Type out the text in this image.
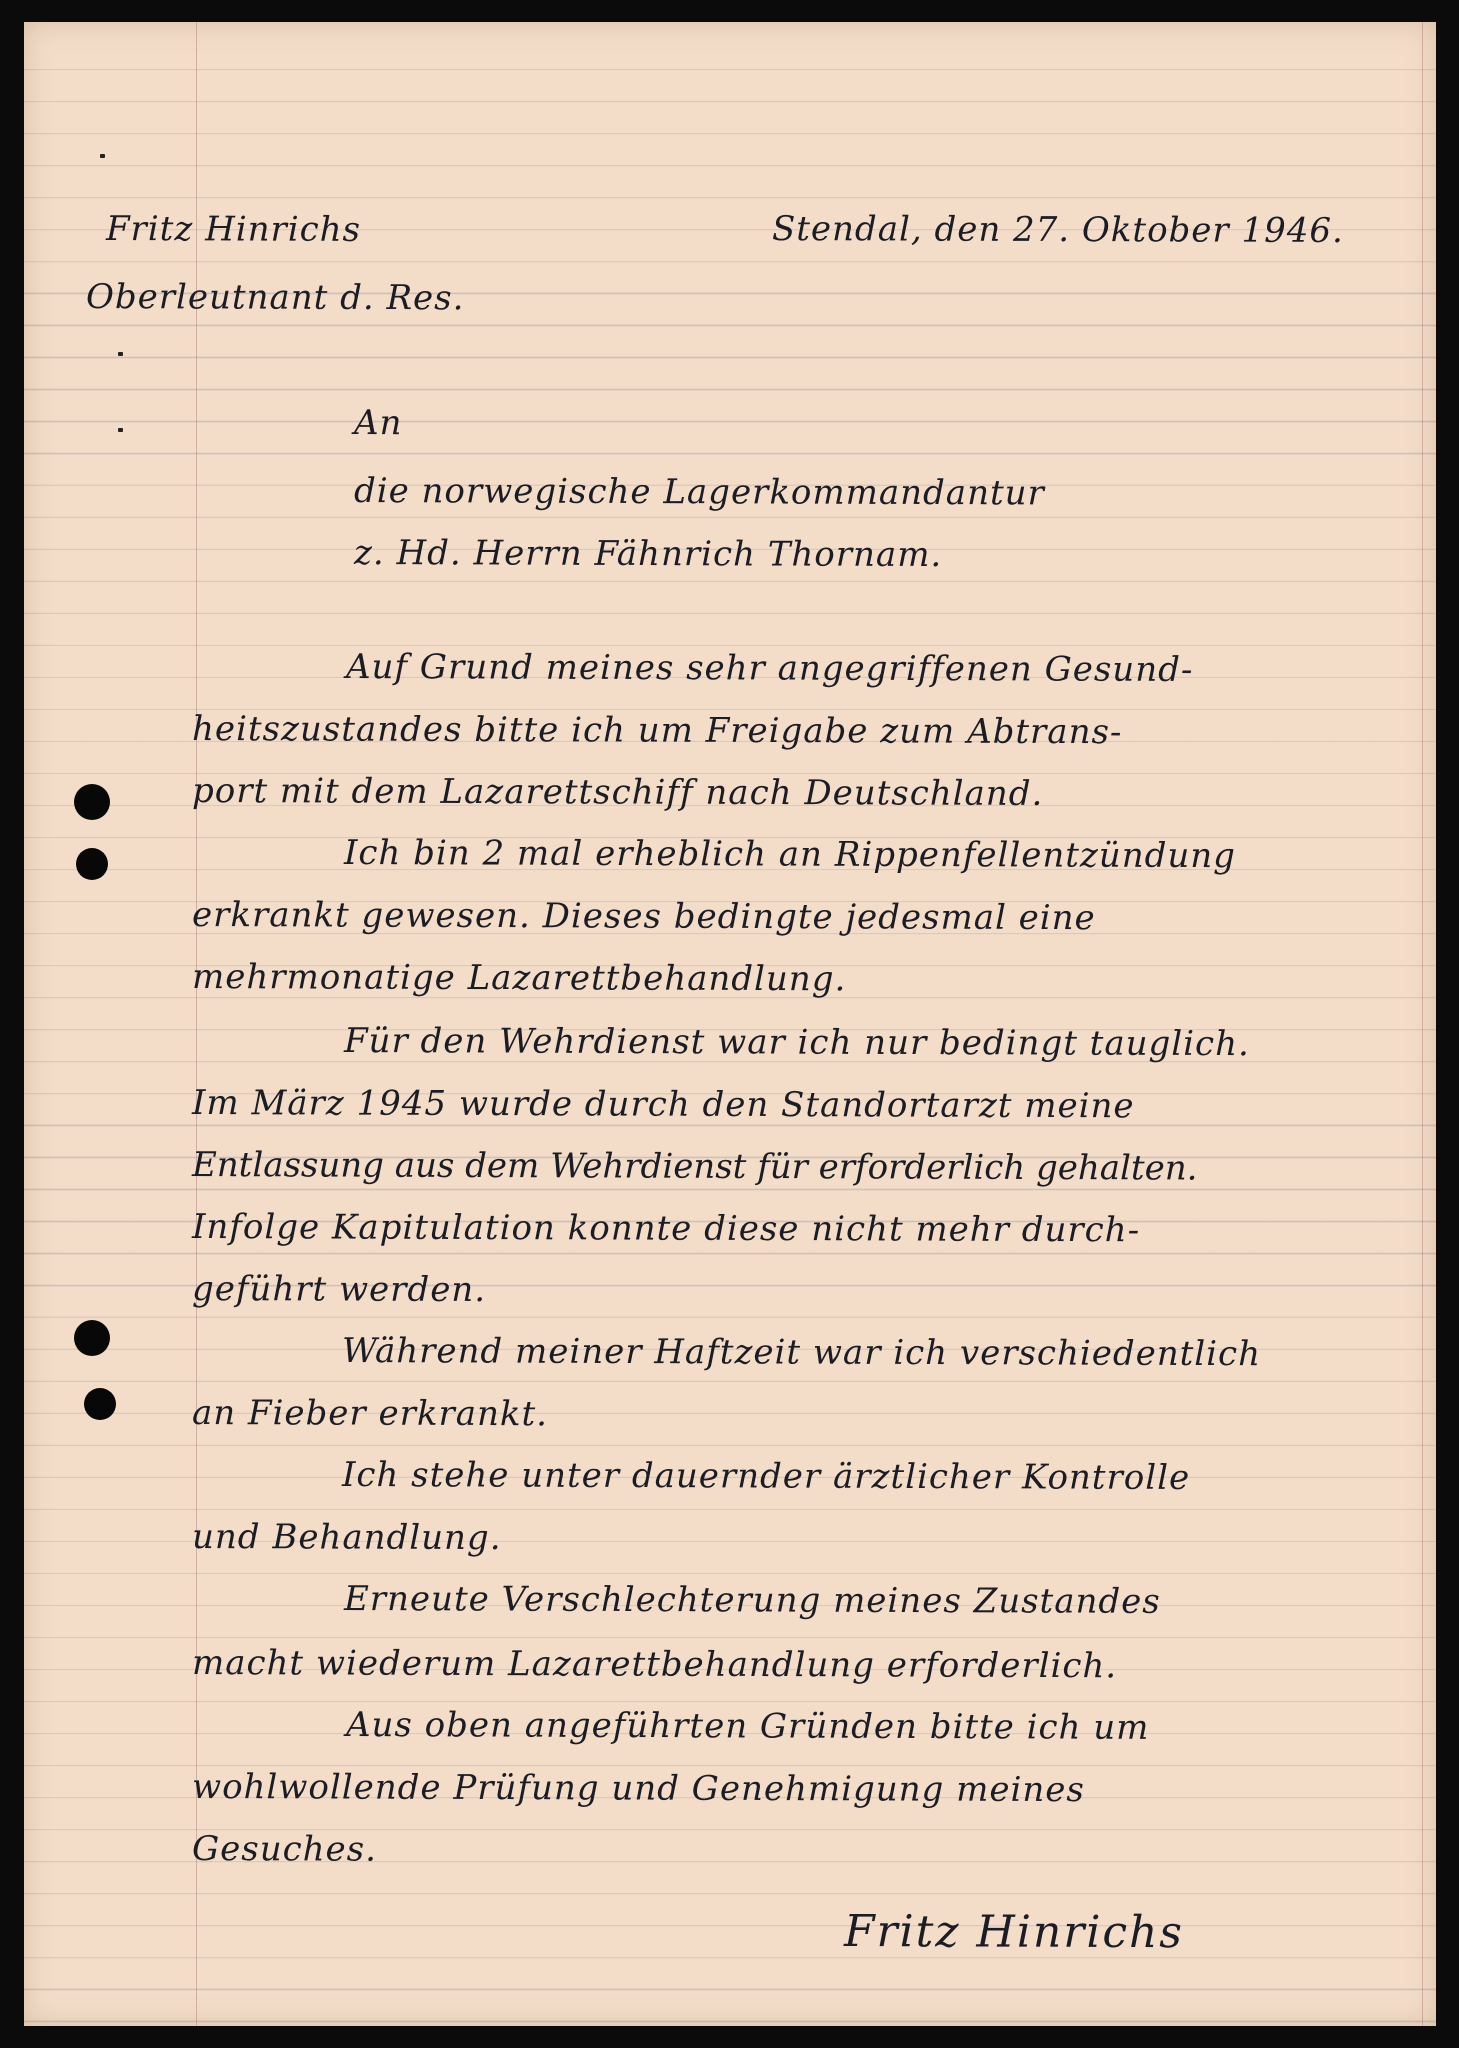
Fritz Hinrichs
Oberleutnant d. Res.
Stendal, den 27. Oktober 1946.
An
die norwegische Lagerkommandantur
z. Hd. Herrn Fähnrich Thornam.
Auf Grund meines sehr angegriffenen Gesund-
heitszustandes bitte ich um Freigabe zum Abtrans-
port mit dem Lazarettschiff nach Deutschland.
Ich bin 2 mal erheblich an Rippenfellentzündung
erkrankt gewesen. Dieses bedingte jedesmal eine
mehrmonatige Lazarettbehandlung.
Für den Wehrdienst war ich nur bedingt tauglich.
Im März 1945 wurde durch den Standortarzt meine
Entlassung aus dem Wehrdienst für erforderlich gehalten.
Infolge Kapitulation konnte diese nicht mehr durch-
geführt werden.
Während meiner Haftzeit war ich verschiedentlich
an Fieber erkrankt.
Ich stehe unter dauernder ärztlicher Kontrolle
und Behandlung.
Erneute Verschlechterung meines Zustandes
macht wiederum Lazarettbehandlung erforderlich.
Aus oben angeführten Gründen bitte ich um
wohlwollende Prüfung und Genehmigung meines
Gesuches.
Fritz Hinrichs
